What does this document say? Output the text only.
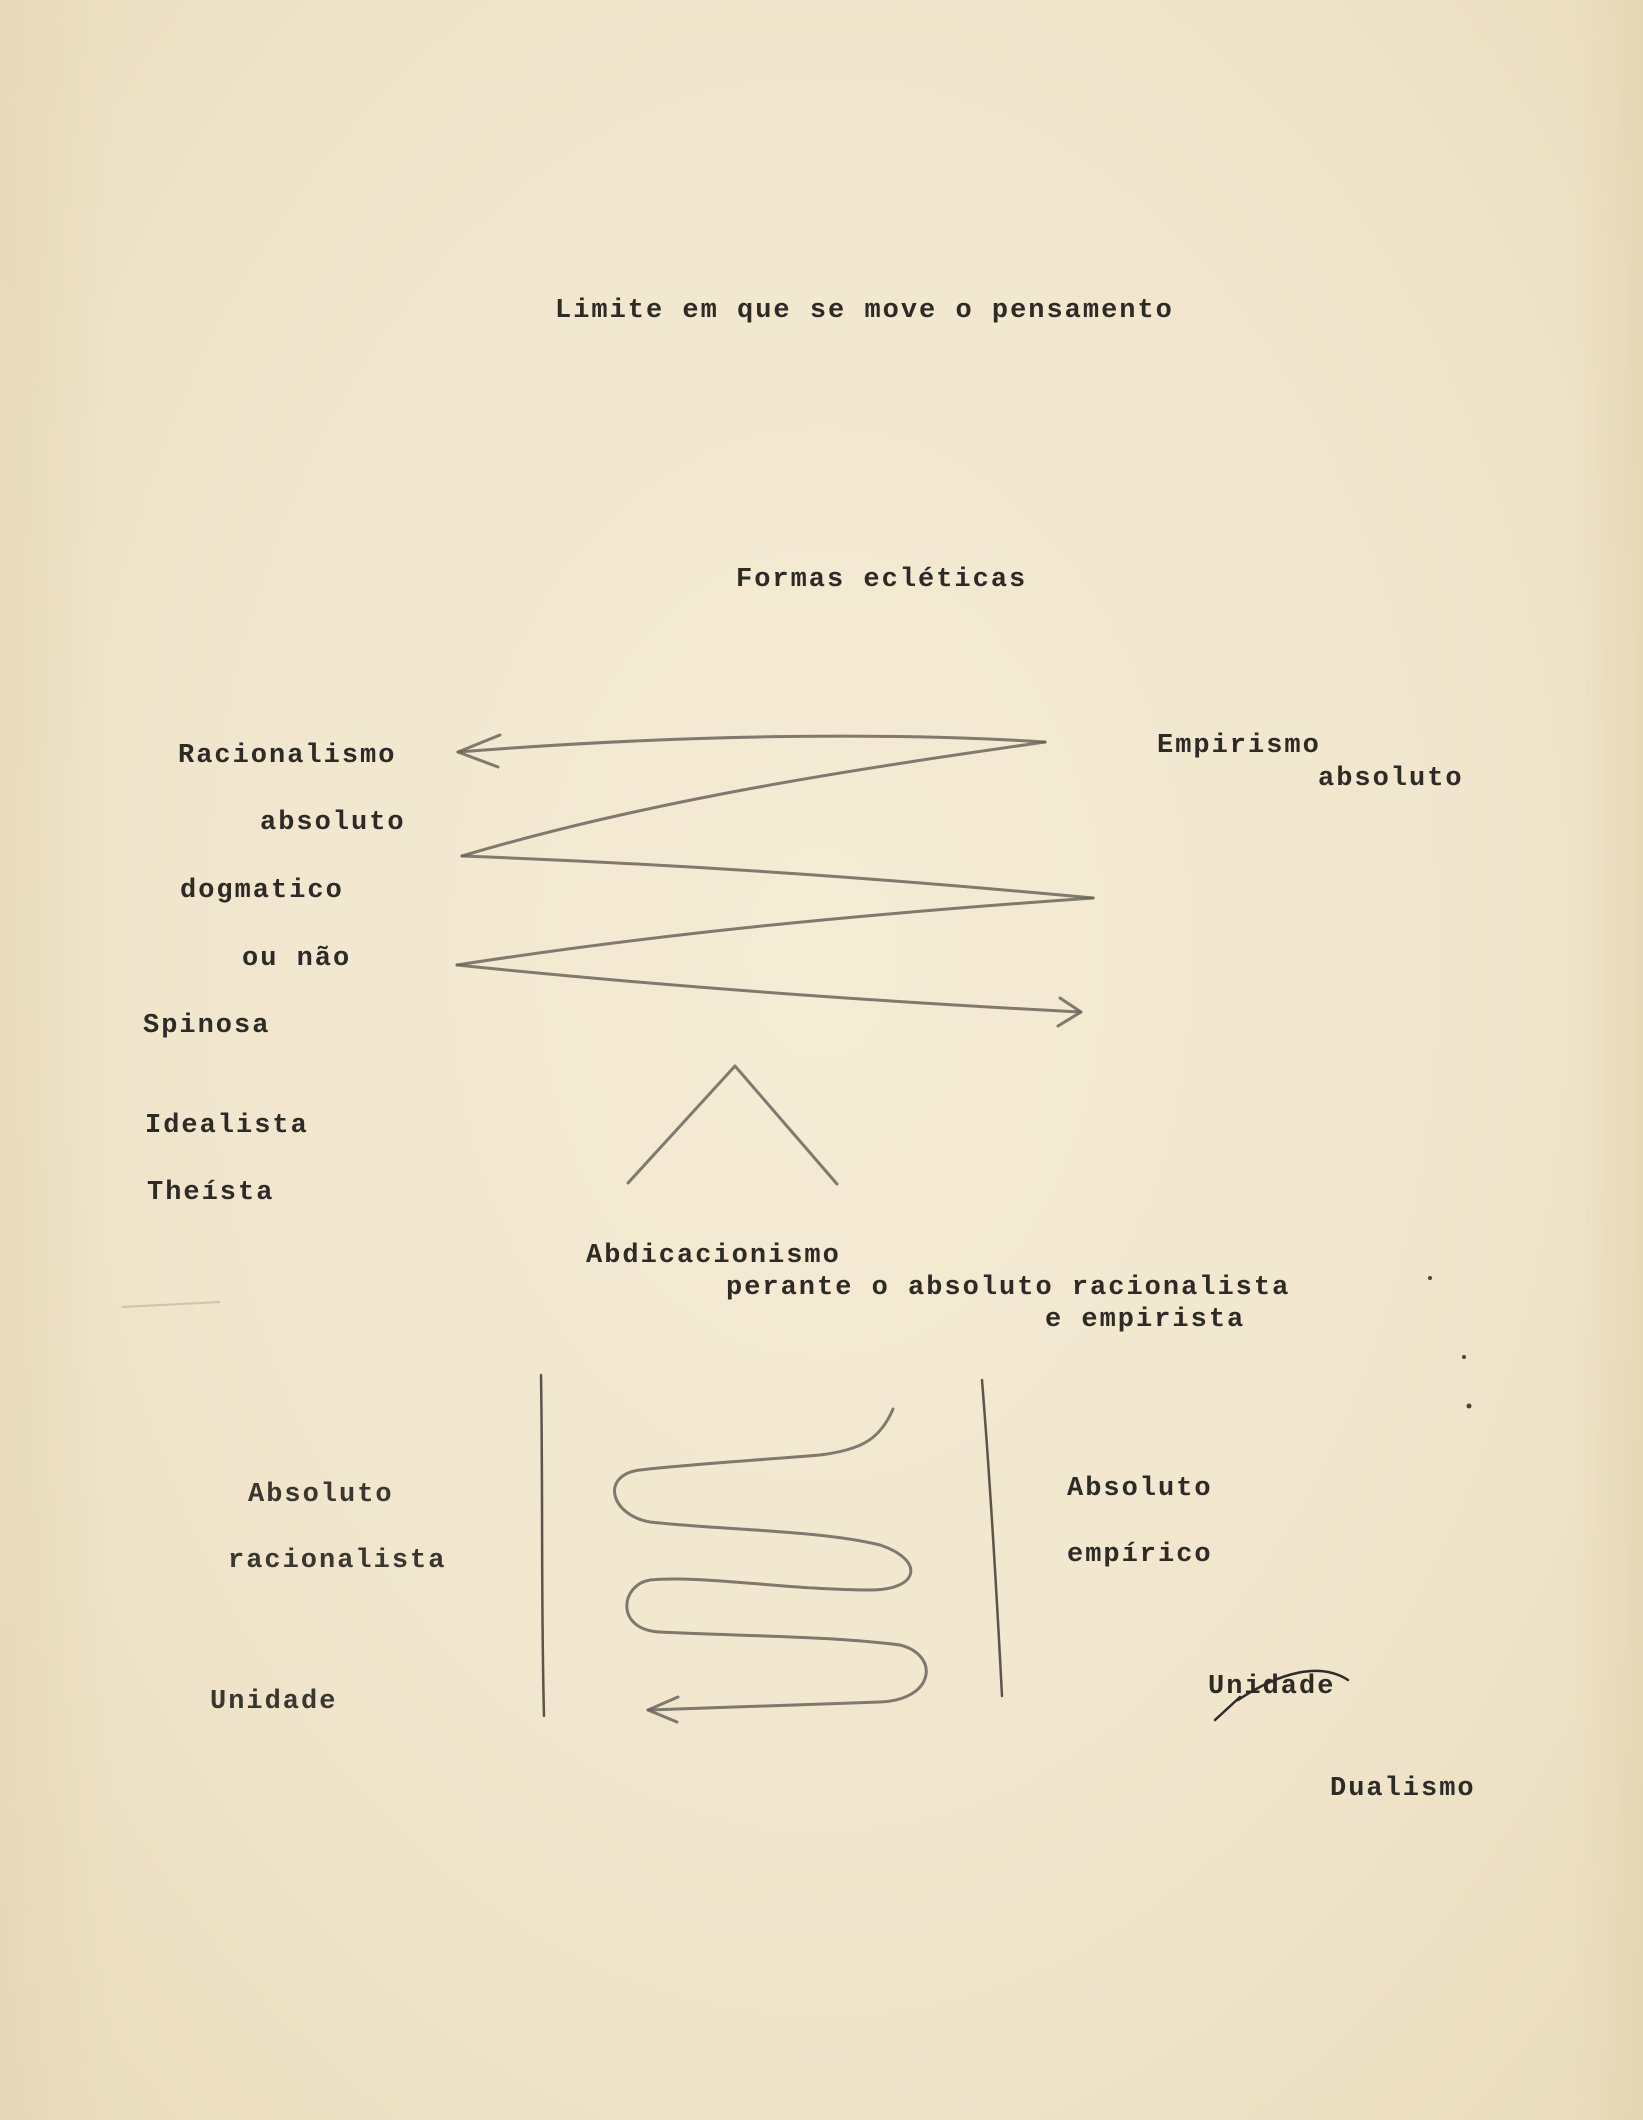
Limite em que se move o pensamento
Formas ecléticas
Racionalismo
absoluto
dogmatico
ou não
Spinosa
Empirismo
absoluto
Idealista
Theísta
Abdicacionismo
perante o absoluto racionalista
e empirista
Absoluto
racionalista
Unidade
Absoluto
empírico
Unidade
Dualismo
